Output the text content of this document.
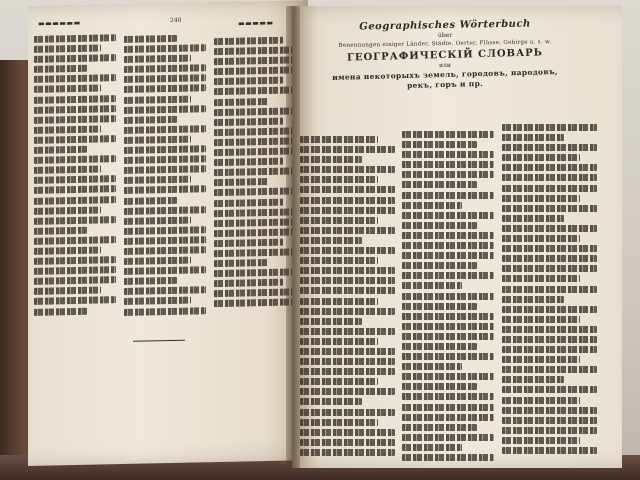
240
▬▬▬▬▬▬	▬▬▬▬▬	Geographisches Wörterbuch
über
Benennungen einiger Länder, Städte, Oerter, Flüsse, Gebirge u. s. w.
ГЕОГРАФИЧЕСКІЙ СЛОВАРЬ
или
имена некоторыхъ земель, городовъ, народовъ,
рекъ, горъ и пр.
